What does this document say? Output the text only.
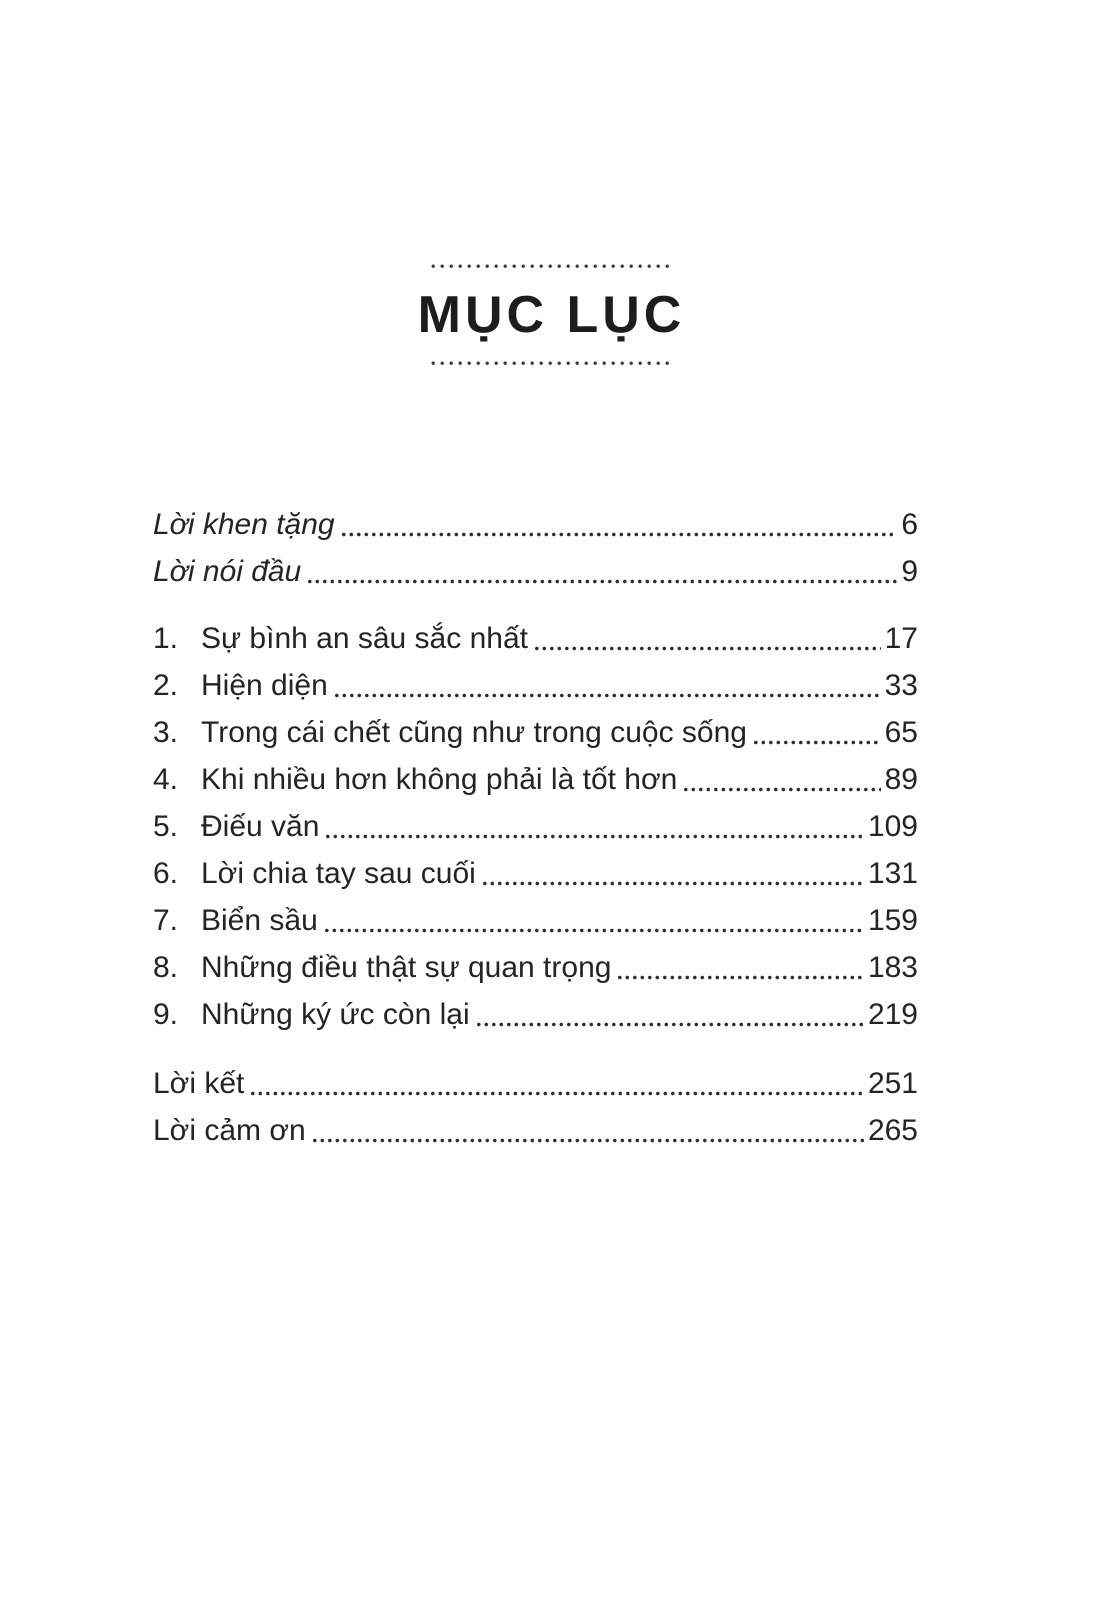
MỤC LỤC
Lời khen tặng	6
Lời nói đầu	9
1. Sự bình an sâu sắc nhất	17
2. Hiện diện	33
3. Trong cái chết cũng như trong cuộc sống	65
4. Khi nhiều hơn không phải là tốt hơn	89
5. Điếu văn	109
6. Lời chia tay sau cuối	131
7. Biển sầu	159
8. Những điều thật sự quan trọng	183
9. Những ký ức còn lại	219
Lời kết	251
Lời cảm ơn	265
